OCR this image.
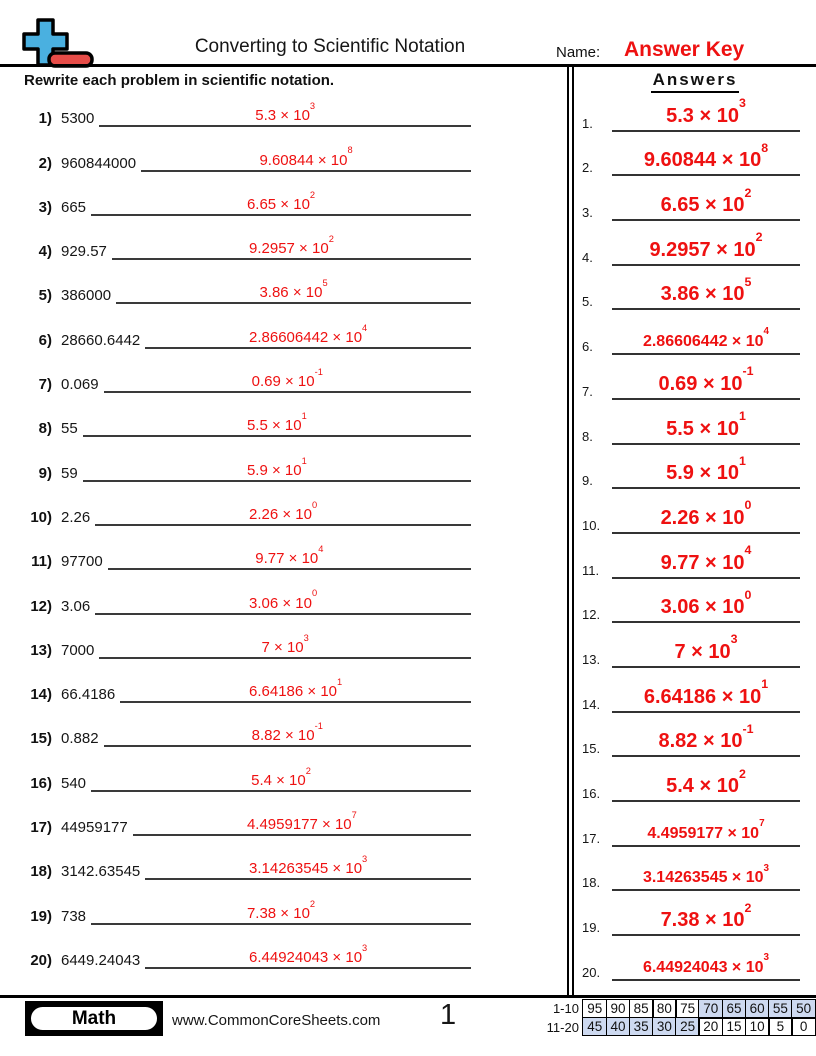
Converting to Scientific Notation	Name: Answer Key
Rewrite each problem in scientific notation.
1) 5300	$5.3 \times 10^3$
2) 960844000	$9.60844 \times 10^8$
3) 665	$6.65 \times 10^2$
4) 929.57	$9.2957 \times 10^2$
5) 386000	$3.86 \times 10^5$
6) 28660.6442	$2.86606442 \times 10^4$
7) 0.069	$0.69 \times 10^{-1}$
8) 55	$5.5 \times 10^1$
9) 59	$5.9 \times 10^1$
10) 2.26	$2.26 \times 10^0$
11) 97700	$9.77 \times 10^4$
12) 3.06	$3.06 \times 10^0$
13) 7000	$7 \times 10^3$
14) 66.4186	$6.64186 \times 10^1$
15) 0.882	$8.82 \times 10^{-1}$
16) 540	$5.4 \times 10^2$
17) 44959177	$4.4959177 \times 10^7$
18) 3142.63545	$3.14263545 \times 10^3$
19) 738	$7.38 \times 10^2$
20) 6449.24043	$6.44924043 \times 10^3$
Answers
1.	$5.3 \times 10^3$
2.	$9.60844 \times 10^8$
3.	$6.65 \times 10^2$
4.	$9.2957 \times 10^2$
5.	$3.86 \times 10^5$
6.	$2.86606442 \times 10^4$
7.	$0.69 \times 10^{-1}$
8.	$5.5 \times 10^1$
9.	$5.9 \times 10^1$
10.	$2.26 \times 10^0$
11.	$9.77 \times 10^4$
12.	$3.06 \times 10^0$
13.	$7 \times 10^3$
14.	$6.64186 \times 10^1$
15.	$8.82 \times 10^{-1}$
16.	$5.4 \times 10^2$
17.	$4.4959177 \times 10^7$
18.	$3.14263545 \times 10^3$
19.	$7.38 \times 10^2$
20.	$6.44924043 \times 10^3$
Math	www.CommonCoreSheets.com 1	1-10 95 90 85 80 75 70 65 60 55 50
11-20 45 40 35 30 25 20 15 10 5	0
